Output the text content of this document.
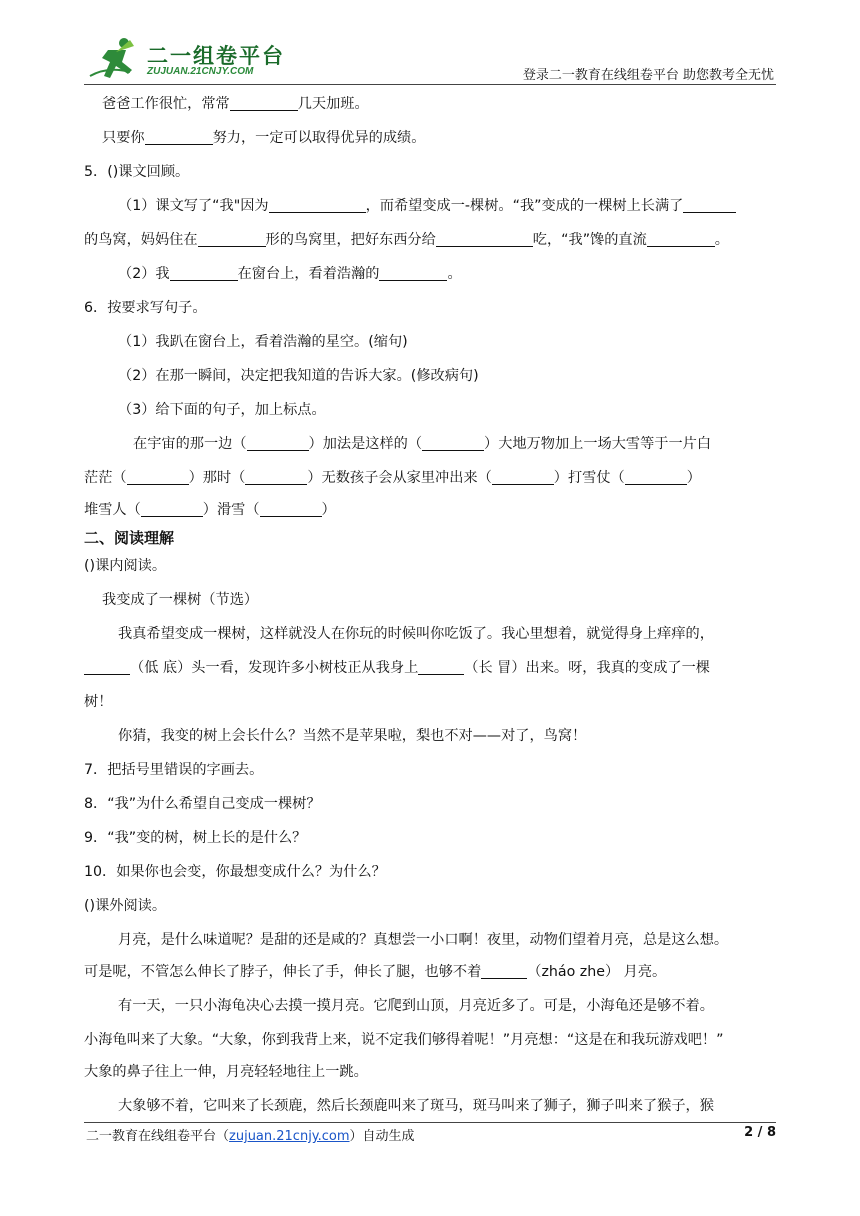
二一组卷平台
ZUJUAN.21CNJY.COM	登录二一教育在线组卷平台 助您教考全无忧
爸爸工作很忙，常常	几天加班。
只要你	努力，一定可以取得优异的成绩。
5．()课文回顾。
（1）课文写了“我"因为	，而希望变成一-棵树。“我”变成的一棵树上长满了
的鸟窝，妈妈住在	形的鸟窝里，把好东西分给	吃，“我”馋的直流	。
（2）我	在窗台上，看着浩瀚的	。
6．按要求写句子。
（1）我趴在窗台上，看着浩瀚的星空。(缩句)
（2）在那一瞬间，决定把我知道的告诉大家。(修改病句)
（3）给下面的句子，加上标点。
在宇宙的那一边（	）加法是这样的（	）大地万物加上一场大雪等于一片白
茫茫（	）那时（	）无数孩子会从家里冲出来（	）打雪仗（	）
堆雪人（	）滑雪（	）
二、阅读理解
()课内阅读。
我变成了一棵树（节选）
我真希望变成一棵树，这样就没人在你玩的时候叫你吃饭了。我心里想着，就觉得身上痒痒的，
（低 底）头一看，发现许多小树枝正从我身上	（长 冒）出来。呀，我真的变成了一棵
树！
你猜，我变的树上会长什么？当然不是苹果啦，梨也不对——对了，鸟窝！
7．把括号里错误的字画去。
8．“我”为什么希望自己变成一棵树？
9．“我”变的树，树上长的是什么？
10．如果你也会变，你最想变成什么？为什么？
()课外阅读。
月亮，是什么味道呢？是甜的还是咸的？真想尝一小口啊！夜里，动物们望着月亮，总是这么想。
可是呢，不管怎么伸长了脖子，伸长了手，伸长了腿，也够不着	（zháo zhe） 月亮。
有一天，一只小海龟决心去摸一摸月亮。它爬到山顶，月亮近多了。可是，小海龟还是够不着。
小海龟叫来了大象。“大象，你到我背上来，说不定我们够得着呢！”月亮想：“这是在和我玩游戏吧！”
大象的鼻子往上一伸，月亮轻轻地往上一跳。
大象够不着，它叫来了长颈鹿，然后长颈鹿叫来了斑马，斑马叫来了狮子，狮子叫来了猴子，猴
二一教育在线组卷平台（zujuan.21cnjy.com）自动生成	2 / 8
